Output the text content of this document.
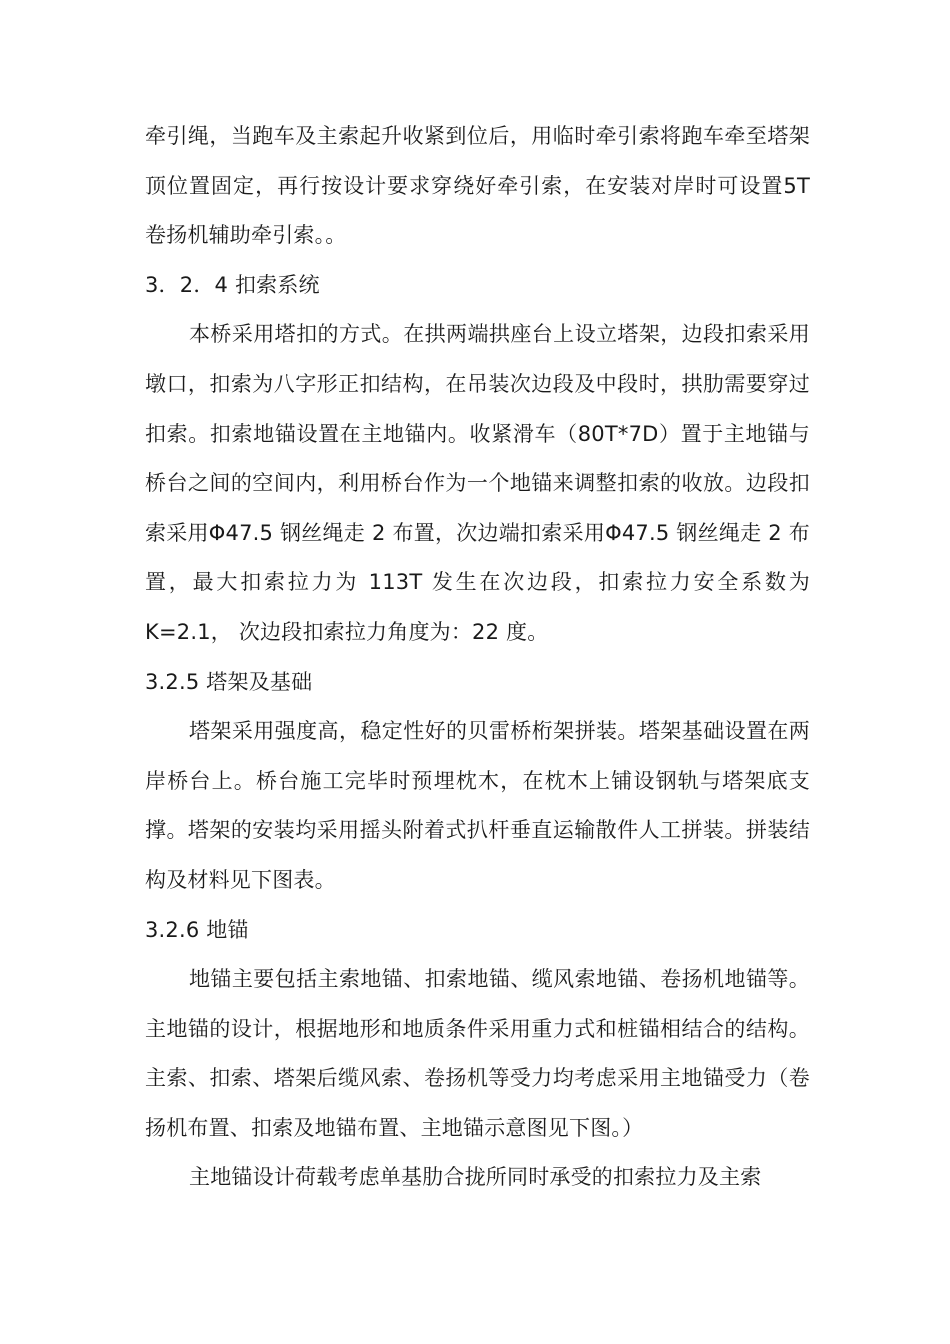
牵引绳，当跑车及主索起升收紧到位后，用临时牵引索将跑车牵至塔架顶位置固定，再行按设计要求穿绕好牵引索，在安装对岸时可设置5T 卷扬机辅助牵引索。。

3．2．4 扣索系统

本桥采用塔扣的方式。在拱两端拱座台上设立塔架，边段扣索采用墩口，扣索为八字形正扣结构，在吊装次边段及中段时，拱肋需要穿过扣索。扣索地锚设置在主地锚内。收紧滑车（80T*7D）置于主地锚与桥台之间的空间内，利用桥台作为一个地锚来调整扣索的收放。边段扣索采用Φ47.5 钢丝绳走 2 布置，次边端扣索采用Φ47.5 钢丝绳走 2 布置，最大扣索拉力为 113T 发生在次边段，扣索拉力安全系数为 K=2.1， 次边段扣索拉力角度为：22 度。

3.2.5 塔架及基础

塔架采用强度高，稳定性好的贝雷桥桁架拼装。塔架基础设置在两岸桥台上。桥台施工完毕时预埋枕木，在枕木上铺设钢轨与塔架底支撑。塔架的安装均采用摇头附着式扒杆垂直运输散件人工拼装。拼装结构及材料见下图表。

3.2.6 地锚

地锚主要包括主索地锚、扣索地锚、缆风索地锚、卷扬机地锚等。主地锚的设计，根据地形和地质条件采用重力式和桩锚相结合的结构。主索、扣索、塔架后缆风索、卷扬机等受力均考虑采用主地锚受力（卷扬机布置、扣索及地锚布置、主地锚示意图见下图。）

主地锚设计荷载考虑单基肋合拢所同时承受的扣索拉力及主索
